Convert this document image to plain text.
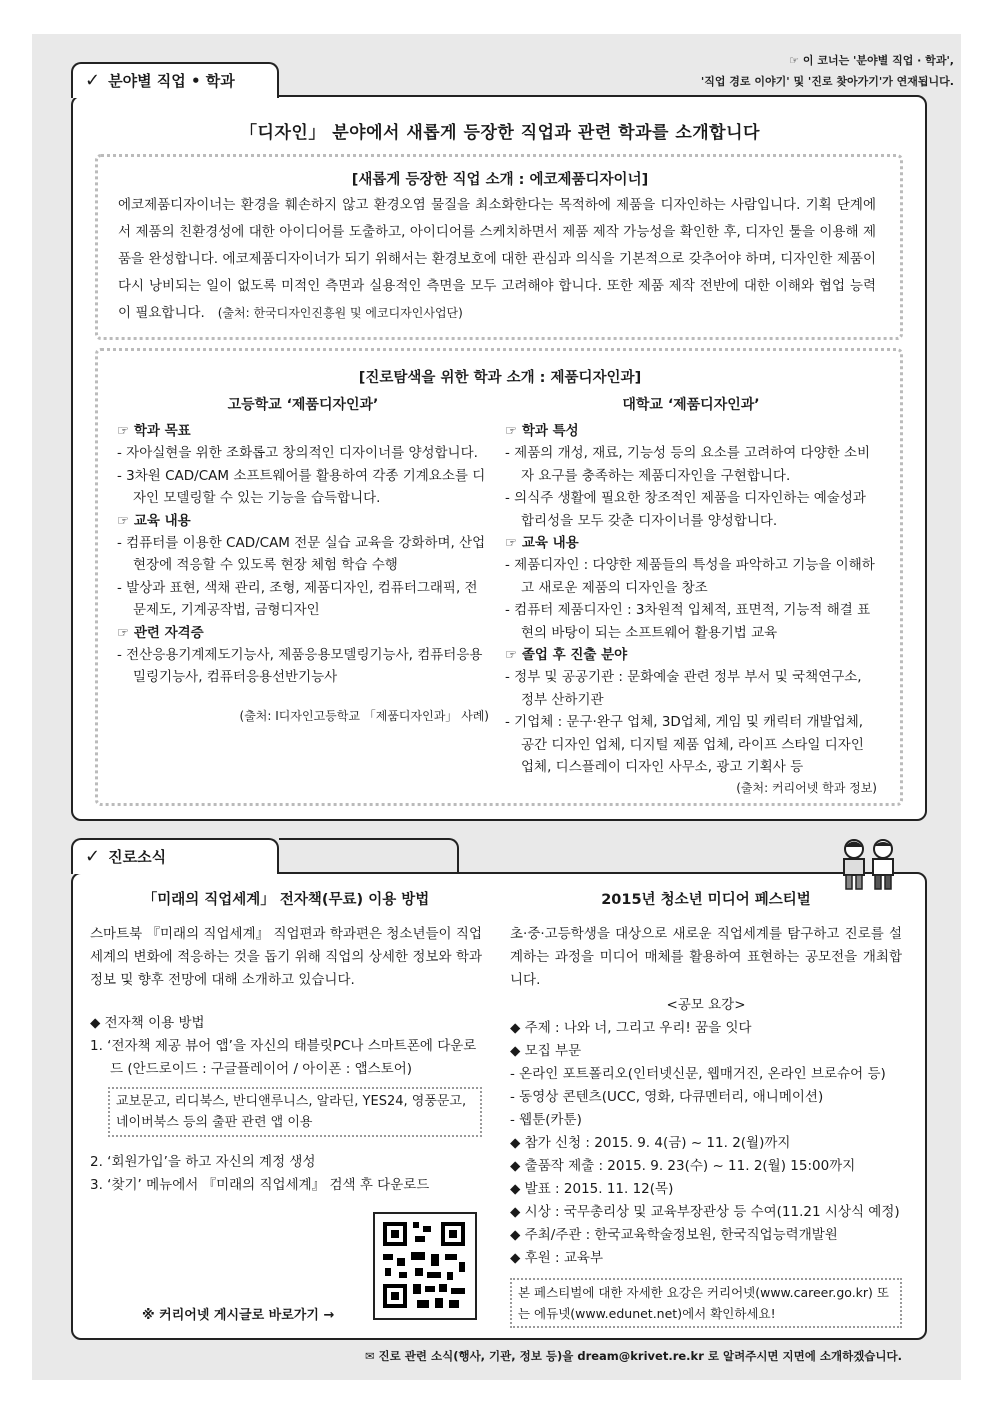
☞ 이 코너는 '분야별 직업 · 학과',
'직업 경로 이야기' 및 '진로 찾아가기'가 연재됩니다.
✓ 분야별 직업 • 학과
「디자인」 분야에서 새롭게 등장한 직업과 관련 학과를 소개합니다
[새롭게 등장한 직업 소개 : 에코제품디자이너]
에코제품디자이너는 환경을 훼손하지 않고 환경오염 물질을 최소화한다는 목적하에 제품을 디자인하는 사람입니다. 기획 단계에서 제품의 친환경성에 대한 아이디어를 도출하고, 아이디어를 스케치하면서 제품 제작 가능성을 확인한 후, 디자인 툴을 이용해 제품을 완성합니다. 에코제품디자이너가 되기 위해서는 환경보호에 대한 관심과 의식을 기본적으로 갖추어야 하며, 디자인한 제품이 다시 낭비되는 일이 없도록 미적인 측면과 실용적인 측면을 모두 고려해야 합니다. 또한 제품 제작 전반에 대한 이해와 협업 능력이 필요합니다. (출처: 한국디자인진흥원 및 에코디자인사업단)
[진로탐색을 위한 학과 소개 : 제품디자인과]
고등학교 ‘제품디자인과’
☞ 학과 목표
- 자아실현을 위한 조화롭고 창의적인 디자이너를 양성합니다.
- 3차원 CAD/CAM 소프트웨어를 활용하여 각종 기계요소를 디자인 모델링할 수 있는 기능을 습득합니다.
☞ 교육 내용
- 컴퓨터를 이용한 CAD/CAM 전문 실습 교육을 강화하며, 산업 현장에 적응할 수 있도록 현장 체험 학습 수행
- 발상과 표현, 색채 관리, 조형, 제품디자인, 컴퓨터그래픽, 전문제도, 기계공작법, 금형디자인
☞ 관련 자격증
- 전산응용기계제도기능사, 제품응용모델링기능사, 컴퓨터응용밀링기능사, 컴퓨터응용선반기능사
(출처: I디자인고등학교 「제품디자인과」 사례)
대학교 ‘제품디자인과’
☞ 학과 특성
- 제품의 개성, 재료, 기능성 등의 요소를 고려하여 다양한 소비자 요구를 충족하는 제품디자인을 구현합니다.
- 의식주 생활에 필요한 창조적인 제품을 디자인하는 예술성과 합리성을 모두 갖춘 디자이너를 양성합니다.
☞ 교육 내용
- 제품디자인 : 다양한 제품들의 특성을 파악하고 기능을 이해하고 새로운 제품의 디자인을 창조
- 컴퓨터 제품디자인 : 3차원적 입체적, 표면적, 기능적 해결 표현의 바탕이 되는 소프트웨어 활용기법 교육
☞ 졸업 후 진출 분야
- 정부 및 공공기관 : 문화예술 관련 정부 부서 및 국책연구소, 정부 산하기관
- 기업체 : 문구·완구 업체, 3D업체, 게임 및 캐릭터 개발업체, 공간 디자인 업체, 디지털 제품 업체, 라이프 스타일 디자인 업체, 디스플레이 디자인 사무소, 광고 기획사 등
(출처: 커리어넷 학과 정보)
✓ 진로소식
「미래의 직업세계」 전자책(무료) 이용 방법
스마트북 『미래의 직업세계』 직업편과 학과편은 청소년들이 직업세계의 변화에 적응하는 것을 돕기 위해 직업의 상세한 정보와 학과 정보 및 향후 전망에 대해 소개하고 있습니다.
◆ 전자책 이용 방법
1. ‘전자책 제공 뷰어 앱’을 자신의 태블릿PC나 스마트폰에 다운로드 (안드로이드 : 구글플레이어 / 아이폰 : 앱스토어)
교보문고, 리디북스, 반디앤루니스, 알라딘, YES24, 영풍문고, 네이버북스 등의 출판 관련 앱 이용
2. ‘회원가입’을 하고 자신의 계정 생성
3. ‘찾기’ 메뉴에서 『미래의 직업세계』 검색 후 다운로드
※ 커리어넷 게시글로 바로가기 →
2015년 청소년 미디어 페스티벌
초·중·고등학생을 대상으로 새로운 직업세계를 탐구하고 진로를 설계하는 과정을 미디어 매체를 활용하여 표현하는 공모전을 개최합니다.
<공모 요강>
◆ 주제 : 나와 너, 그리고 우리! 꿈을 잇다
◆ 모집 부문
- 온라인 포트폴리오(인터넷신문, 웹매거진, 온라인 브로슈어 등)
- 동영상 콘텐츠(UCC, 영화, 다큐멘터리, 애니메이션)
- 웹툰(카툰)
◆ 참가 신청 : 2015. 9. 4(금) ~ 11. 2(월)까지
◆ 출품작 제출 : 2015. 9. 23(수) ~ 11. 2(월) 15:00까지
◆ 발표 : 2015. 11. 12(목)
◆ 시상 : 국무총리상 및 교육부장관상 등 수여(11.21 시상식 예정)
◆ 주최/주관 : 한국교육학술정보원, 한국직업능력개발원
◆ 후원 : 교육부
본 페스티벌에 대한 자세한 요강은 커리어넷(www.career.go.kr) 또는 에듀넷(www.edunet.net)에서 확인하세요!
✉ 진로 관련 소식(행사, 기관, 정보 등)을 dream@krivet.re.kr 로 알려주시면 지면에 소개하겠습니다.
